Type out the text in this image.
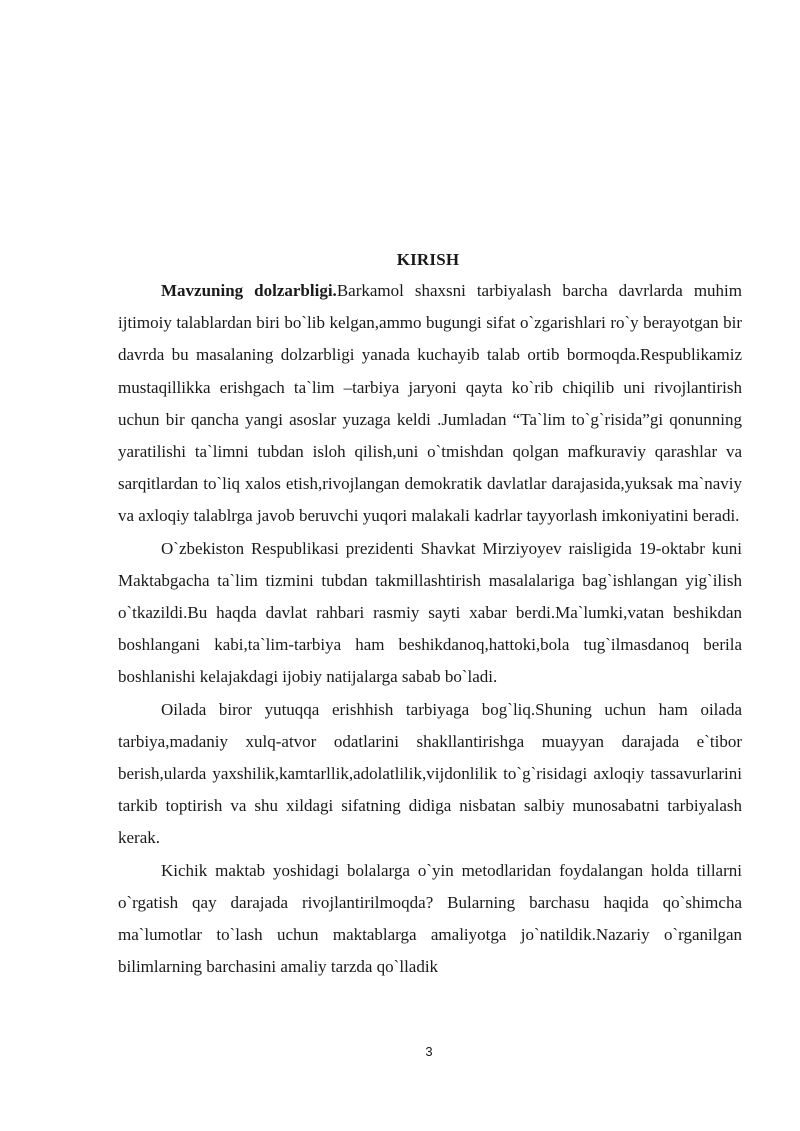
KIRISH

Mavzuning dolzarbligi.Barkamol shaxsni tarbiyalash barcha davrlarda muhim ijtimoiy talablardan biri bo`lib kelgan,ammo bugungi sifat o`zgarishlari ro`y berayotgan bir davrda bu masalaning dolzarbligi yanada kuchayib talab ortib bormoqda.Respublikamiz mustaqillikka erishgach ta`lim –tarbiya jaryoni qayta ko`rib chiqilib uni rivojlantirish uchun bir qancha yangi asoslar yuzaga keldi .Jumladan “Ta`lim to`g`risida”gi qonunning yaratilishi ta`limni tubdan isloh qilish,uni o`tmishdan qolgan mafkuraviy qarashlar va sarqitlardan to`liq xalos etish,rivojlangan demokratik davlatlar darajasida,yuksak ma`naviy va axloqiy talablrga javob beruvchi yuqori malakali kadrlar tayyorlash imkoniyatini beradi.

O`zbekiston Respublikasi prezidenti Shavkat Mirziyoyev raisligida 19-oktabr kuni Maktabgacha ta`lim tizmini tubdan takmillashtirish masalalariga bag`ishlangan yig`ilish o`tkazildi.Bu haqda davlat rahbari rasmiy sayti xabar berdi.Ma`lumki,vatan beshikdan boshlangani kabi,ta`lim-tarbiya ham beshikdanoq,hattoki,bola tug`ilmasdanoq berila boshlanishi kelajakdagi ijobiy natijalarga sabab bo`ladi.

Oilada biror yutuqqa erishhish tarbiyaga bog`liq.Shuning uchun ham oilada tarbiya,madaniy xulq-atvor odatlarini shakllantirishga muayyan darajada e`tibor berish,ularda yaxshilik,kamtarllik,adolatlilik,vijdonlilik to`g`risidagi axloqiy tassavurlarini tarkib toptirish va shu xildagi sifatning didiga nisbatan salbiy munosabatni tarbiyalash kerak.

Kichik maktab yoshidagi bolalarga o`yin metodlaridan foydalangan holda tillarni o`rgatish qay darajada rivojlantirilmoqda? Bularning barchasu haqida qo`shimcha ma`lumotlar to`lash uchun maktablarga amaliyotga jo`natildik.Nazariy o`rganilgan bilimlarning barchasini amaliy tarzda qo`lladik

3
